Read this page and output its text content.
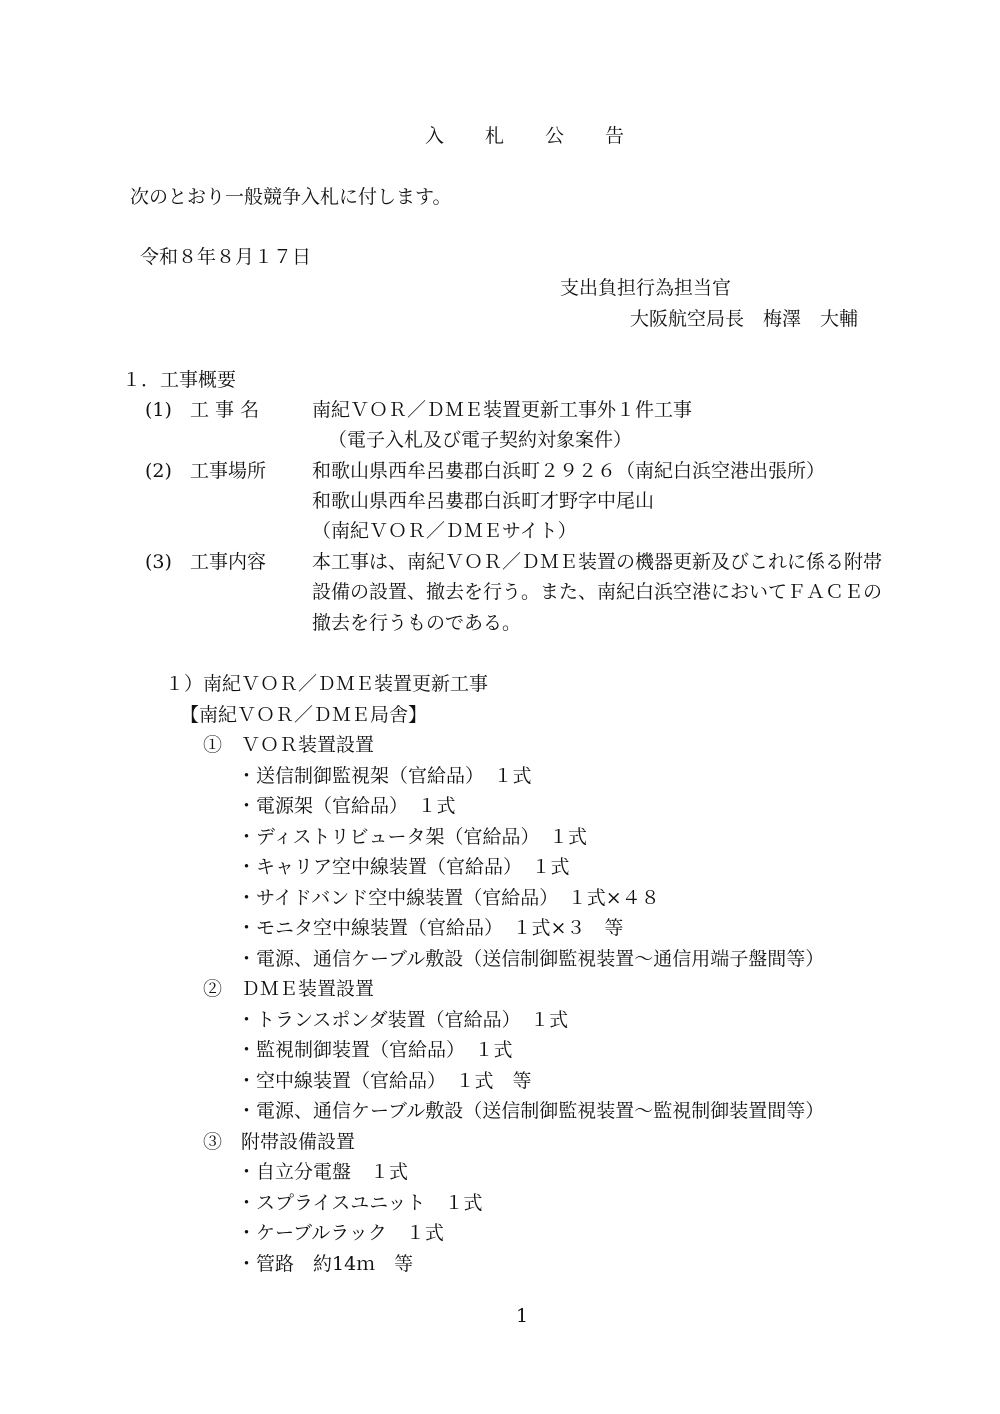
入 札 公 告
次のとおり一般競争入札に付します。
令和８年８月１７日
支出負担行為担当官
大阪航空局長　梅澤　大輔
１．工事概要
(1) 工 事 名	南紀ＶＯＲ／ＤＭＥ装置更新工事外１件工事
（電子入札及び電子契約対象案件）
(2) 工事場所 和歌山県西牟呂婁郡白浜町２９２６（南紀白浜空港出張所）
和歌山県西牟呂婁郡白浜町才野字中尾山
（南紀ＶＯＲ／ＤＭＥサイト）
(3) 工事内容 本工事は、南紀ＶＯＲ／ＤＭＥ装置の機器更新及びこれに係る附帯
設備の設置、撤去を行う。また、南紀白浜空港においてＦＡＣＥの
撤去を行うものである。
１）南紀ＶＯＲ／ＤＭＥ装置更新工事
【南紀ＶＯＲ／ＤＭＥ局舎】
①　ＶＯＲ装置設置
・送信制御監視架（官給品）　１式
・電源架（官給品）　１式
・ディストリビュータ架（官給品）　１式
・キャリア空中線装置（官給品）　１式
・サイドバンド空中線装置（官給品）　１式×４８
・モニタ空中線装置（官給品）　１式×３　等
・電源、通信ケーブル敷設（送信制御監視装置～通信用端子盤間等）
②　ＤＭＥ装置設置
・トランスポンダ装置（官給品）　１式
・監視制御装置（官給品）　１式
・空中線装置（官給品）　１式　等
・電源、通信ケーブル敷設（送信制御監視装置～監視制御装置間等）
③　附帯設備設置
・自立分電盤　１式
・スプライスユニット　１式
・ケーブルラック　１式
・管路　約14ｍ　等
1
